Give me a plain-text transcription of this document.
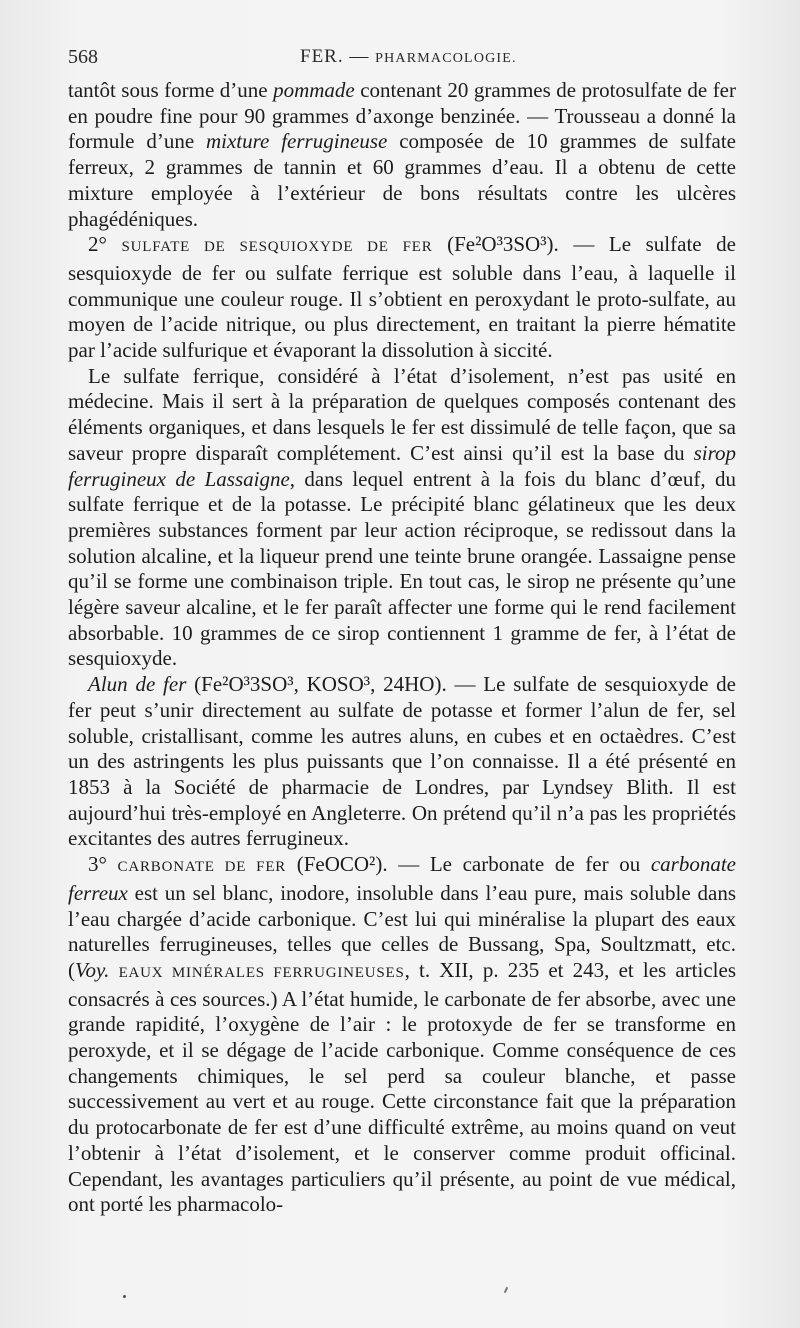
568	FER. — PHARMACOLOGIE.

tantôt sous forme d’une pommade contenant 20 grammes de protosulfate de fer en poudre fine pour 90 grammes d’axonge benzinée. — Trousseau a donné la formule d’une mixture ferrugineuse composée de 10 grammes de sulfate ferreux, 2 grammes de tannin et 60 grammes d’eau. Il a obtenu de cette mixture employée à l’extérieur de bons résultats contre les ulcères phagédéniques.

2° SULFATE DE SESQUIOXYDE DE FER (Fe²O³3SO³). — Le sulfate de sesquioxyde de fer ou sulfate ferrique est soluble dans l’eau, à laquelle il communique une couleur rouge. Il s’obtient en peroxydant le proto-sulfate, au moyen de l’acide nitrique, ou plus directement, en traitant la pierre hématite par l’acide sulfurique et évaporant la dissolution à siccité.

Le sulfate ferrique, considéré à l’état d’isolement, n’est pas usité en médecine. Mais il sert à la préparation de quelques composés contenant des éléments organiques, et dans lesquels le fer est dissimulé de telle façon, que sa saveur propre disparaît complétement. C’est ainsi qu’il est la base du sirop ferrugineux de Lassaigne, dans lequel entrent à la fois du blanc d’œuf, du sulfate ferrique et de la potasse. Le précipité blanc gélatineux que les deux premières substances forment par leur action réciproque, se redissout dans la solution alcaline, et la liqueur prend une teinte brune orangée. Lassaigne pense qu’il se forme une combinaison triple. En tout cas, le sirop ne présente qu’une légère saveur alcaline, et le fer paraît affecter une forme qui le rend facilement absorbable. 10 grammes de ce sirop contiennent 1 gramme de fer, à l’état de sesquioxyde.

Alun de fer (Fe²O³3SO³, KOSO³, 24HO). — Le sulfate de sesquioxyde de fer peut s’unir directement au sulfate de potasse et former l’alun de fer, sel soluble, cristallisant, comme les autres aluns, en cubes et en octaèdres. C’est un des astringents les plus puissants que l’on connaisse. Il a été présenté en 1853 à la Société de pharmacie de Londres, par Lyndsey Blith. Il est aujourd’hui très-employé en Angleterre. On prétend qu’il n’a pas les propriétés excitantes des autres ferrugineux.

3° CARBONATE DE FER (FeOCO²). — Le carbonate de fer ou carbonate ferreux est un sel blanc, inodore, insoluble dans l’eau pure, mais soluble dans l’eau chargée d’acide carbonique. C’est lui qui minéralise la plupart des eaux naturelles ferrugineuses, telles que celles de Bussang, Spa, Soultzmatt, etc. (Voy. EAUX MINÉRALES FERRUGINEUSES, t. XII, p. 235 et 243, et les articles consacrés à ces sources.) A l’état humide, le carbonate de fer absorbe, avec une grande rapidité, l’oxygène de l’air : le protoxyde de fer se transforme en peroxyde, et il se dégage de l’acide carbonique. Comme conséquence de ces changements chimiques, le sel perd sa couleur blanche, et passe successivement au vert et au rouge. Cette circonstance fait que la préparation du protocarbonate de fer est d’une difficulté extrême, au moins quand on veut l’obtenir à l’état d’isolement, et le conserver comme produit officinal. Cependant, les avantages particuliers qu’il présente, au point de vue médical, ont porté les pharmacolo-
